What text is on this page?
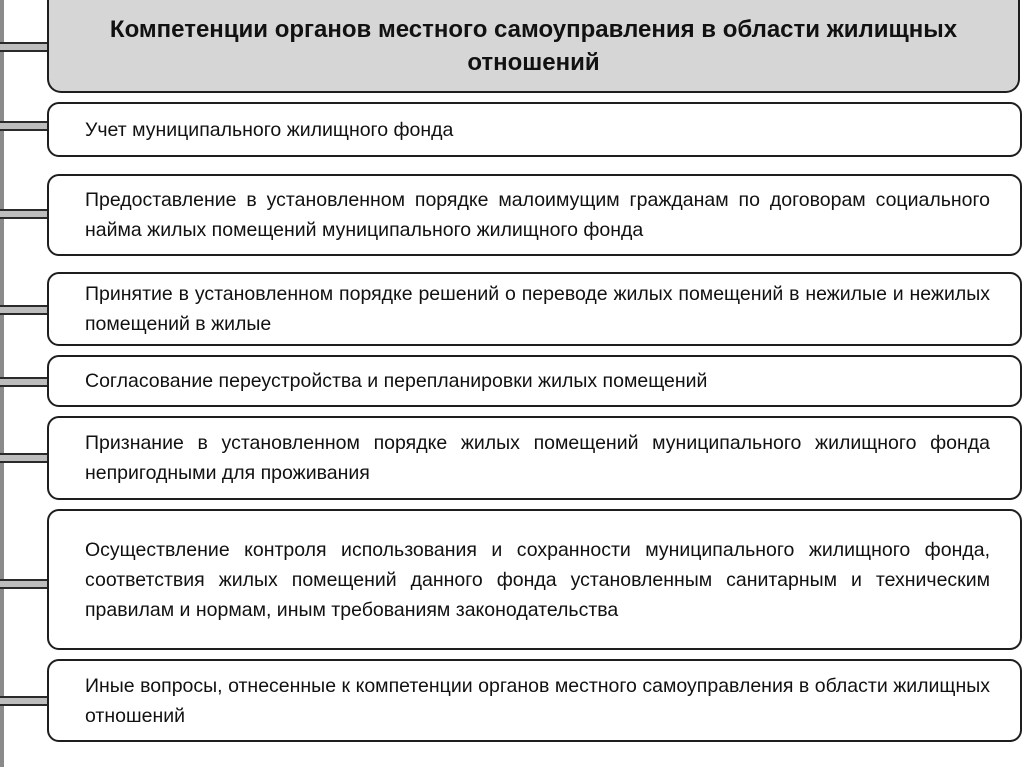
Компетенции органов местного самоуправления в области жилищных отношений
Учет муниципального жилищного фонда
Предоставление в установленном порядке малоимущим гражданам по договорам социального найма жилых помещений муниципального жилищного фонда
Принятие в установленном порядке решений о переводе жилых помещений в нежилые и нежилых помещений в жилые
Согласование переустройства и перепланировки жилых помещений
Признание в установленном порядке жилых помещений муниципального жилищного фонда непригодными для проживания
Осуществление контроля использования и сохранности муниципального жилищного фонда, соответствия жилых помещений данного фонда установленным санитарным и техническим правилам и нормам, иным требованиям законодательства
Иные вопросы, отнесенные к компетенции органов местного самоуправления в области жилищных отношений
